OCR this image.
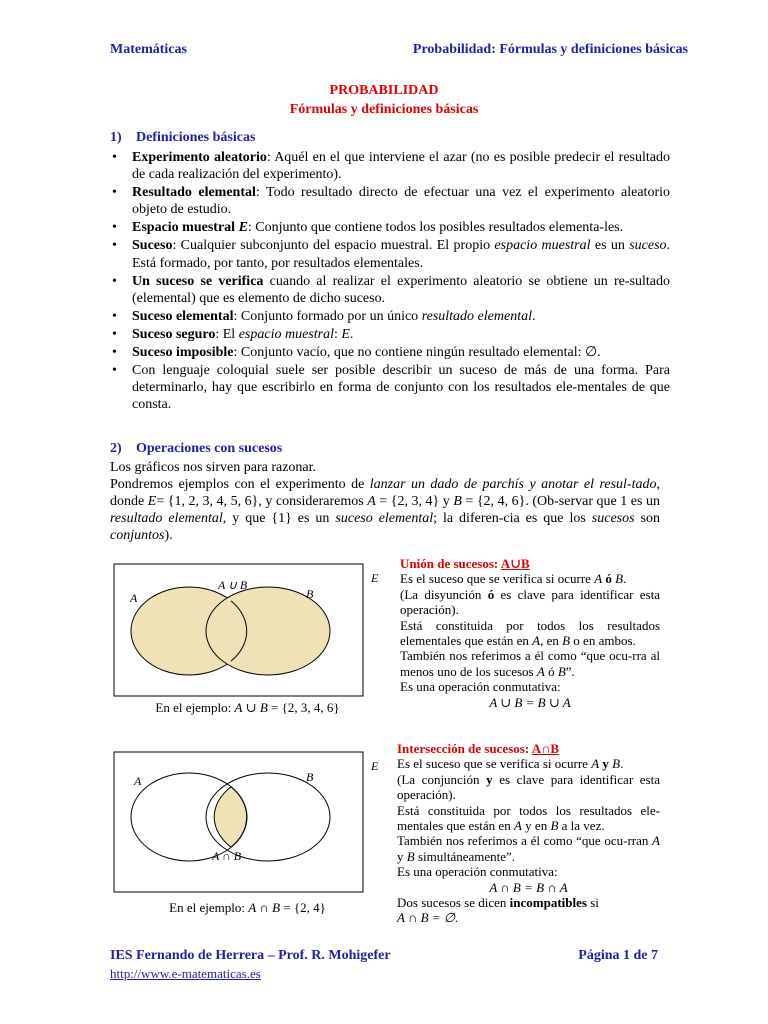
Matemáticas	Probabilidad: Fórmulas y definiciones básicas
PROBABILIDAD
Fórmulas y definiciones básicas
1) Definiciones básicas
• Experimento aleatorio: Aquél en el que interviene el azar (no es posible predecir el resultado de cada realización del experimento).
• Resultado elemental: Todo resultado directo de efectuar una vez el experimento aleatorio objeto de estudio.
• Espacio muestral E: Conjunto que contiene todos los posibles resultados elementa-les.
• Suceso: Cualquier subconjunto del espacio muestral. El propio espacio muestral es un suceso. Está formado, por tanto, por resultados elementales.
• Un suceso se verifica cuando al realizar el experimento aleatorio se obtiene un re-sultado (elemental) que es elemento de dicho suceso.
• Suceso elemental: Conjunto formado por un único resultado elemental.
• Suceso seguro: El espacio muestral: E.
• Suceso imposible: Conjunto vacío, que no contiene ningún resultado elemental: ∅.
• Con lenguaje coloquial suele ser posible describir un suceso de más de una forma. Para determinarlo, hay que escribirlo en forma de conjunto con los resultados ele-mentales de que consta.
2) Operaciones con sucesos
Los gráficos nos sirven para razonar.
Pondremos ejemplos con el experimento de lanzar un dado de parchís y anotar el resul-tado, donde E= {1, 2, 3, 4, 5, 6}, y consideraremos A = {2, 3, 4} y B = {2, 4, 6}. (Ob-servar que 1 es un resultado elemental, y que {1} es un suceso elemental; la diferen-cia es que los sucesos son conjuntos).
A	B
A ∪ B	E
En el ejemplo: A ∪ B = {2, 3, 4, 6}

Unión de sucesos: A∪B

Es el suceso que se verifica si ocurre A ó B.

(La disyunción ó es clave para identificar esta operación).

Está constituida por todos los resultados elementales que están en A, en B o en ambos.

También nos referimos a él como “que ocu-rra al menos uno de los sucesos A ó B”.

Es una operación conmutativa:

A ∪ B = B ∪ A

A	B
A ∩ B
E
En el ejemplo: A ∩ B = {2, 4}

Intersección de sucesos: A∩B

Es el suceso que se verifica si ocurre A y B.

(La conjunción y es clave para identificar esta operación).

Está constituida por todos los resultados ele-mentales que están en A y en B a la vez.

También nos referimos a él como “que ocu-rran A y B simultáneamente”.

Es una operación conmutativa:

A ∩ B = B ∩ A

Dos sucesos se dicen incompatibles si

A ∩ B = ∅.

IES Fernando de Herrera – Prof. R. Mohigefer	Página 1 de 7
http://www.e-matematicas.es
